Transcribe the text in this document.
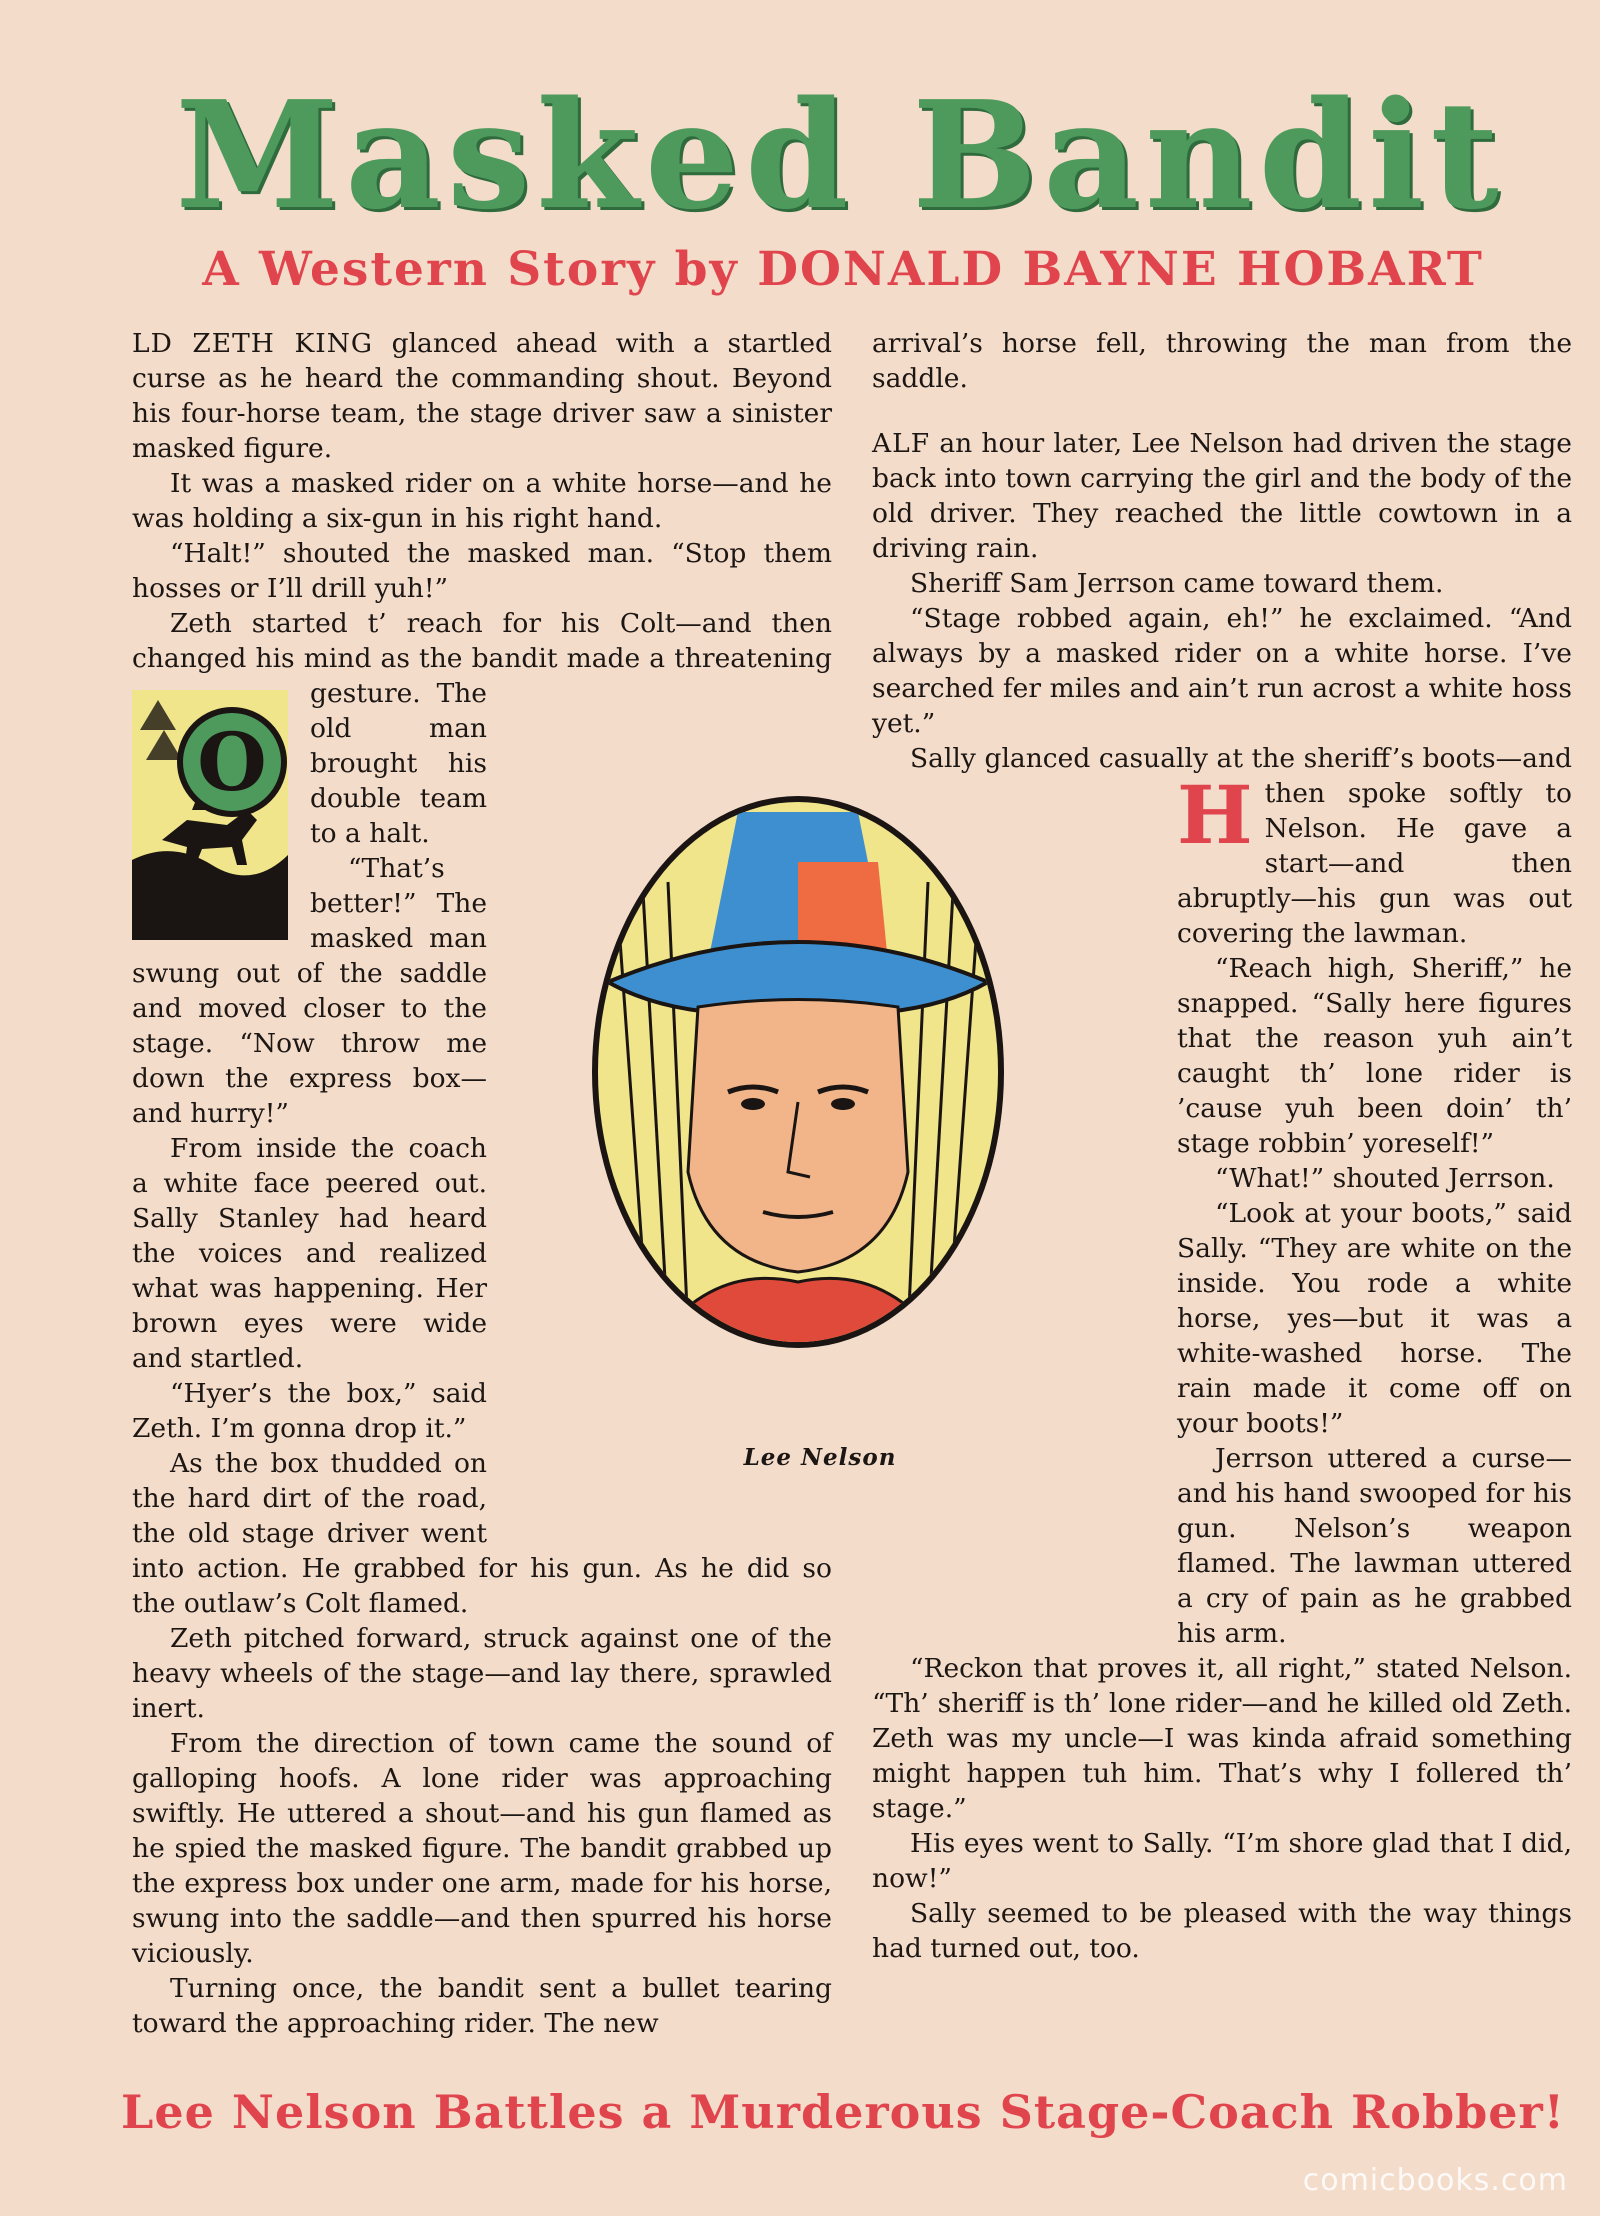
Masked Bandit
A Western Story by DONALD BAYNE HOBART
O

LD ZETH KING glanced ahead with a startled curse as he heard the commanding shout. Beyond his four-horse team, the stage driver saw a sinister masked figure.

It was a masked rider on a white horse—and he was holding a six-gun in his right hand.

“Halt!” shouted the masked man. “Stop them hosses or I’ll drill yuh!”

Zeth started t’ reach for his Colt—and then changed his mind as the bandit made a threatening gesture. The old man brought his double team to a halt.

“That’s better!” The masked man swung out of the saddle and moved closer to the stage. “Now throw me down the express box—and hurry!”

From inside the coach a white face peered out. Sally Stanley had heard the voices and realized what was happening. Her brown eyes were wide and startled.

“Hyer’s the box,” said Zeth. I’m gonna drop it.”

As the box thudded on the hard dirt of the road, the old stage driver went into action. He grabbed for his gun. As he did so the outlaw’s Colt flamed.

Zeth pitched forward, struck against one of the heavy wheels of the stage—and lay there, sprawled inert.

From the direction of town came the sound of galloping hoofs. A lone rider was approaching swiftly. He uttered a shout—and his gun flamed as he spied the masked figure. The bandit grabbed up the express box under one arm, made for his horse, swung into the saddle—and then spurred his horse viciously.

Turning once, the bandit sent a bullet tearing toward the approaching rider. The new

arrival’s horse fell, throwing the man from the saddle.

H
ALF an hour later, Lee Nelson had driven the stage back into town carrying the girl and the body of the old driver. They reached the little cowtown in a driving rain.

Sheriff Sam Jerrson came toward them.

“Stage robbed again, eh!” he exclaimed. “And always by a masked rider on a white horse. I’ve searched fer miles and ain’t run acrost a white hoss yet.”

Sally glanced casually at the sheriff’s boots—and then spoke softly to Nelson. He gave a start—and then abruptly—his gun was out covering the lawman.

“Reach high, Sheriff,” he snapped. “Sally here figures that the reason yuh ain’t caught th’ lone rider is ’cause yuh been doin’ th’ stage robbin’ yoreself!”

“What!” shouted Jerrson.

“Look at your boots,” said Sally. “They are white on the inside. You rode a white horse, yes—but it was a white-washed horse. The rain made it come off on your boots!”

Jerrson uttered a curse—and his hand swooped for his gun. Nelson’s weapon flamed. The lawman uttered a cry of pain as he grabbed his arm.

“Reckon that proves it, all right,” stated Nelson. “Th’ sheriff is th’ lone rider—and he killed old Zeth. Zeth was my uncle—I was kinda afraid something might happen tuh him. That’s why I follered th’ stage.”

His eyes went to Sally. “I’m shore glad that I did, now!”

Sally seemed to be pleased with the way things had turned out, too.

Lee Nelson
Lee Nelson Battles a Murderous Stage-Coach Robber!
comicbooks.com
